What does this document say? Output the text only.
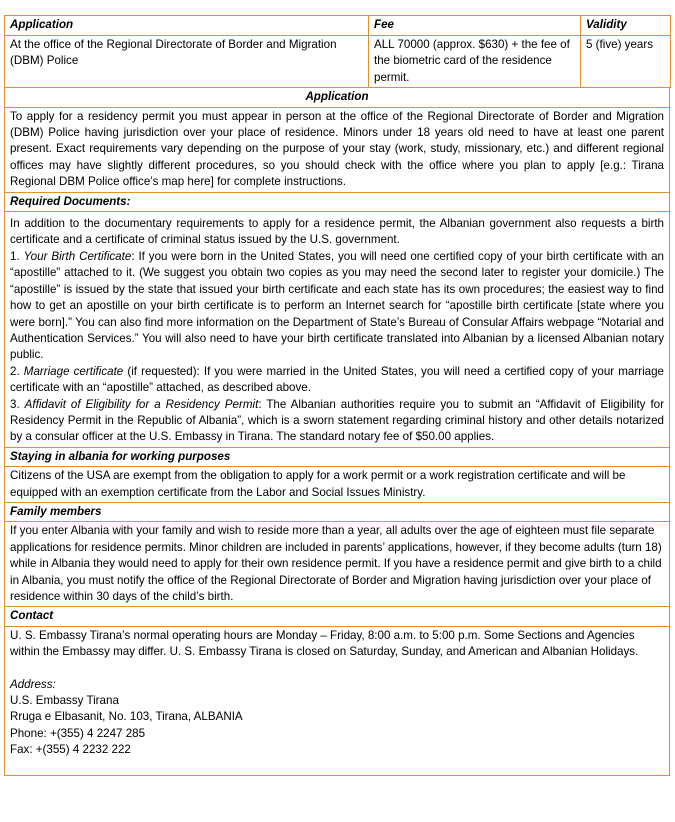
Application	Fee	Validity
At the office of the Regional Directorate of Border and Migration (DBM) Police	ALL 70000 (approx. $630) + the fee of the biometric card of the residence permit.	5 (five) years
Application
To apply for a residency permit you must appear in person at the office of the Regional Directorate of Border and Migration (DBM) Police having jurisdiction over your place of residence. Minors under 18 years old need to have at least one parent present. Exact requirements vary depending on the purpose of your stay (work, study, missionary, etc.) and different regional offices may have slightly different procedures, so you should check with the office where you plan to apply [e.g.: Tirana Regional DBM Police office’s map here] for complete instructions.
Required Documents:
In addition to the documentary requirements to apply for a residence permit, the Albanian government also requests a birth certificate and a certificate of criminal status issued by the U.S. government.
1. Your Birth Certificate: If you were born in the United States, you will need one certified copy of your birth certificate with an “apostille” attached to it. (We suggest you obtain two copies as you may need the second later to register your domicile.) The “apostille” is issued by the state that issued your birth certificate and each state has its own procedures; the easiest way to find how to get an apostille on your birth certificate is to perform an Internet search for “apostille birth certificate [state where you were born].” You can also find more information on the Department of State’s Bureau of Consular Affairs webpage “Notarial and Authentication Services.” You will also need to have your birth certificate translated into Albanian by a licensed Albanian notary public.
2. Marriage certificate (if requested): If you were married in the United States, you will need a certified copy of your marriage certificate with an “apostille” attached, as described above.
3. Affidavit of Eligibility for a Residency Permit: The Albanian authorities require you to submit an “Affidavit of Eligibility for Residency Permit in the Republic of Albania”, which is a sworn statement regarding criminal history and other details notarized by a consular officer at the U.S. Embassy in Tirana. The standard notary fee of $50.00 applies.
Staying in albania for working purposes
Citizens of the USA are exempt from the obligation to apply for a work permit or a work registration certificate and will be equipped with an exemption certificate from the Labor and Social Issues Ministry.
Family members
If you enter Albania with your family and wish to reside more than a year, all adults over the age of eighteen must file separate applications for residence permits. Minor children are included in parents’ applications, however, if they become adults (turn 18) while in Albania they would need to apply for their own residence permit. If you have a residence permit and give birth to a child in Albania, you must notify the office of the Regional Directorate of Border and Migration having jurisdiction over your place of residence within 30 days of the child’s birth.
Contact
U. S. Embassy Tirana’s normal operating hours are Monday – Friday, 8:00 a.m. to 5:00 p.m. Some Sections and Agencies within the Embassy may differ. U. S. Embassy Tirana is closed on Saturday, Sunday, and American and Albanian Holidays.
Address:
U.S. Embassy Tirana
Rruga e Elbasanit, No. 103, Tirana, ALBANIA
Phone: +(355) 4 2247 285
Fax: +(355) 4 2232 222
